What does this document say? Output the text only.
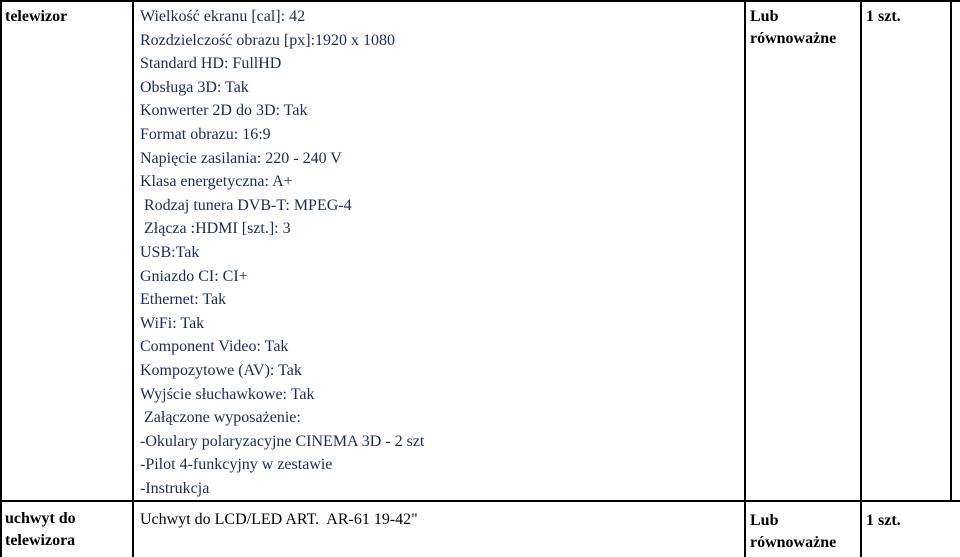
telewizor	Wielkość ekranu [cal]: 42
Rozdzielczość obrazu [px]:1920 x 1080
Standard HD: FullHD
Obsługa 3D: Tak
Konwerter 2D do 3D: Tak
Format obrazu: 16:9
Napięcie zasilania: 220 - 240 V
Klasa energetyczna: A+
Rodzaj tunera DVB-T: MPEG-4
Złącza :HDMI [szt.]: 3
USB:Tak
Gniazdo CI: CI+
Ethernet: Tak
WiFi: Tak
Component Video: Tak
Kompozytowe (AV): Tak
Wyjście słuchawkowe: Tak
Załączone wyposażenie:
-Okulary polaryzacyjne CINEMA 3D - 2 szt
-Pilot 4-funkcyjny w zestawie
-Instrukcja
Lub
równoważne
1 szt.
uchwyt do
telewizora
Uchwyt do LCD/LED ART.  AR-61 19-42"	Lub
równoważne
1 szt.
